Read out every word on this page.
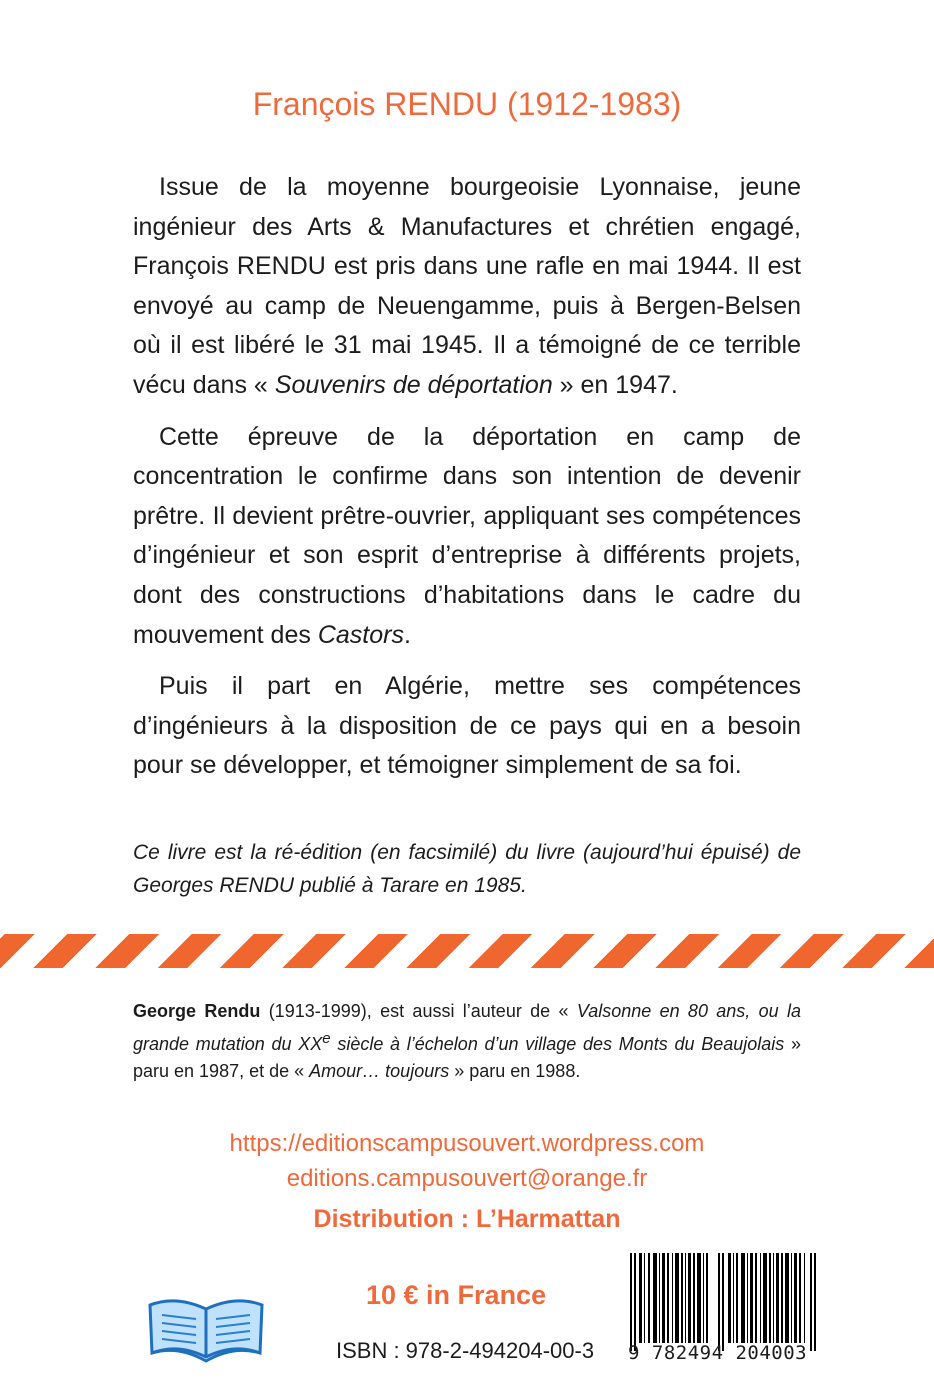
François RENDU (1912-1983)

Issue de la moyenne bourgeoisie Lyonnaise, jeune ingénieur des Arts & Manufactures et chrétien engagé, François RENDU est pris dans une rafle en mai 1944. Il est envoyé au camp de Neuengamme, puis à Bergen-Belsen où il est libéré le 31 mai 1945. Il a témoigné de ce terrible vécu dans « Souvenirs de déportation » en 1947.

Cette épreuve de la déportation en camp de concentration le confirme dans son intention de devenir prêtre. Il devient prêtre-ouvrier, appliquant ses compétences d’ingénieur et son esprit d’entreprise à différents projets, dont des constructions d’habitations dans le cadre du mouvement des Castors.

Puis il part en Algérie, mettre ses compétences d’ingénieurs à la disposition de ce pays qui en a besoin pour se développer, et témoigner simplement de sa foi.

Ce livre est la ré-édition (en facsimilé) du livre (aujourd’hui épuisé) de Georges RENDU publié à Tarare en 1985.
George Rendu (1913-1999), est aussi l’auteur de « Valsonne en 80 ans, ou la grande mutation du XXe siècle à l’échelon d’un village des Monts du Beaujolais » paru en 1987, et de « Amour… toujours » paru en 1988.
https://editionscampusouvert.wordpress.com
editions.campusouvert@orange.fr
Distribution : L’Harmattan
10 € in France
ISBN : 978-2-494204-00-3 9 782494 204003
